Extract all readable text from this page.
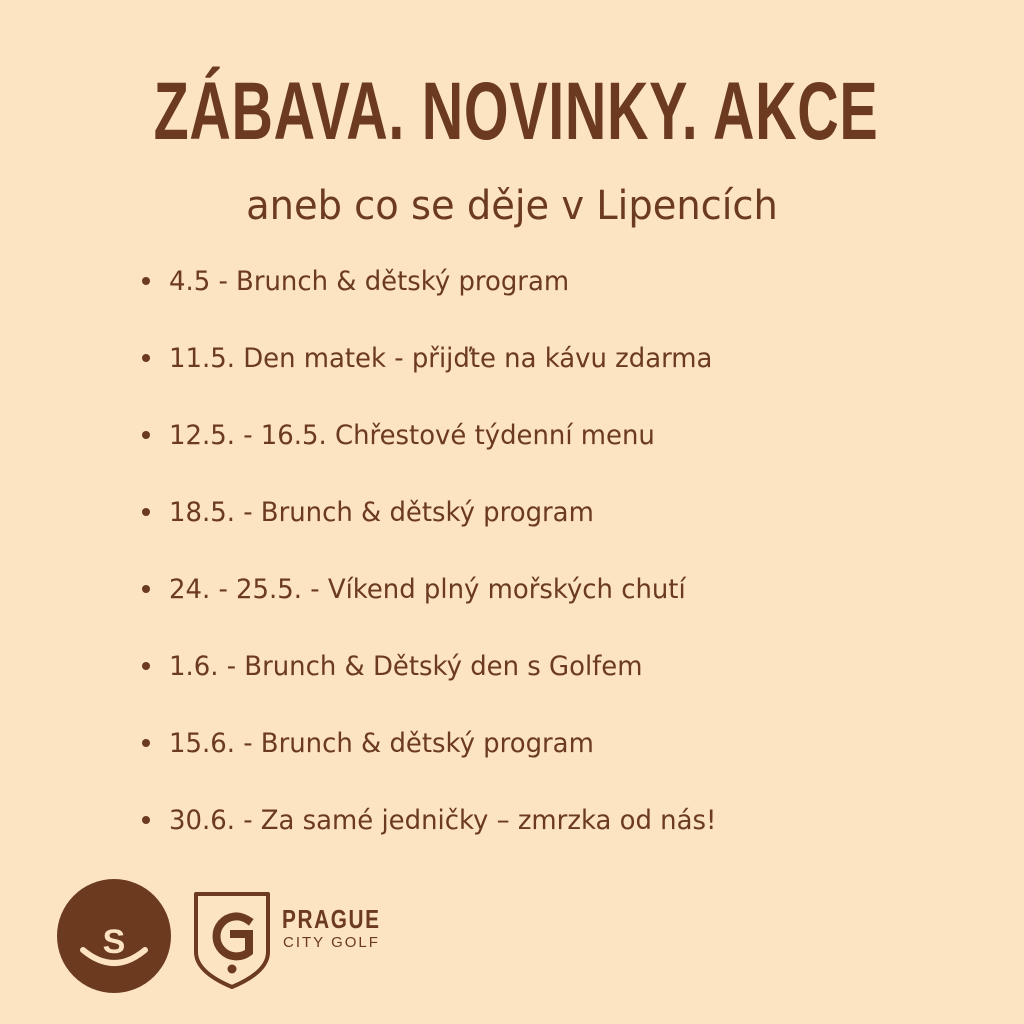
ZÁBAVA. NOVINKY. AKCE
aneb co se děje v Lipencích
4.5 - Brunch & dětský program
11.5. Den matek - přijďte na kávu zdarma
12.5. - 16.5. Chřestové týdenní menu
18.5. - Brunch & dětský program
24. - 25.5. - Víkend plný mořských chutí
1.6. - Brunch & Dětský den s Golfem
15.6. - Brunch & dětský program
30.6. - Za samé jedničky – zmrzka od nás!
S
PRAGUE
CITY GOLF
